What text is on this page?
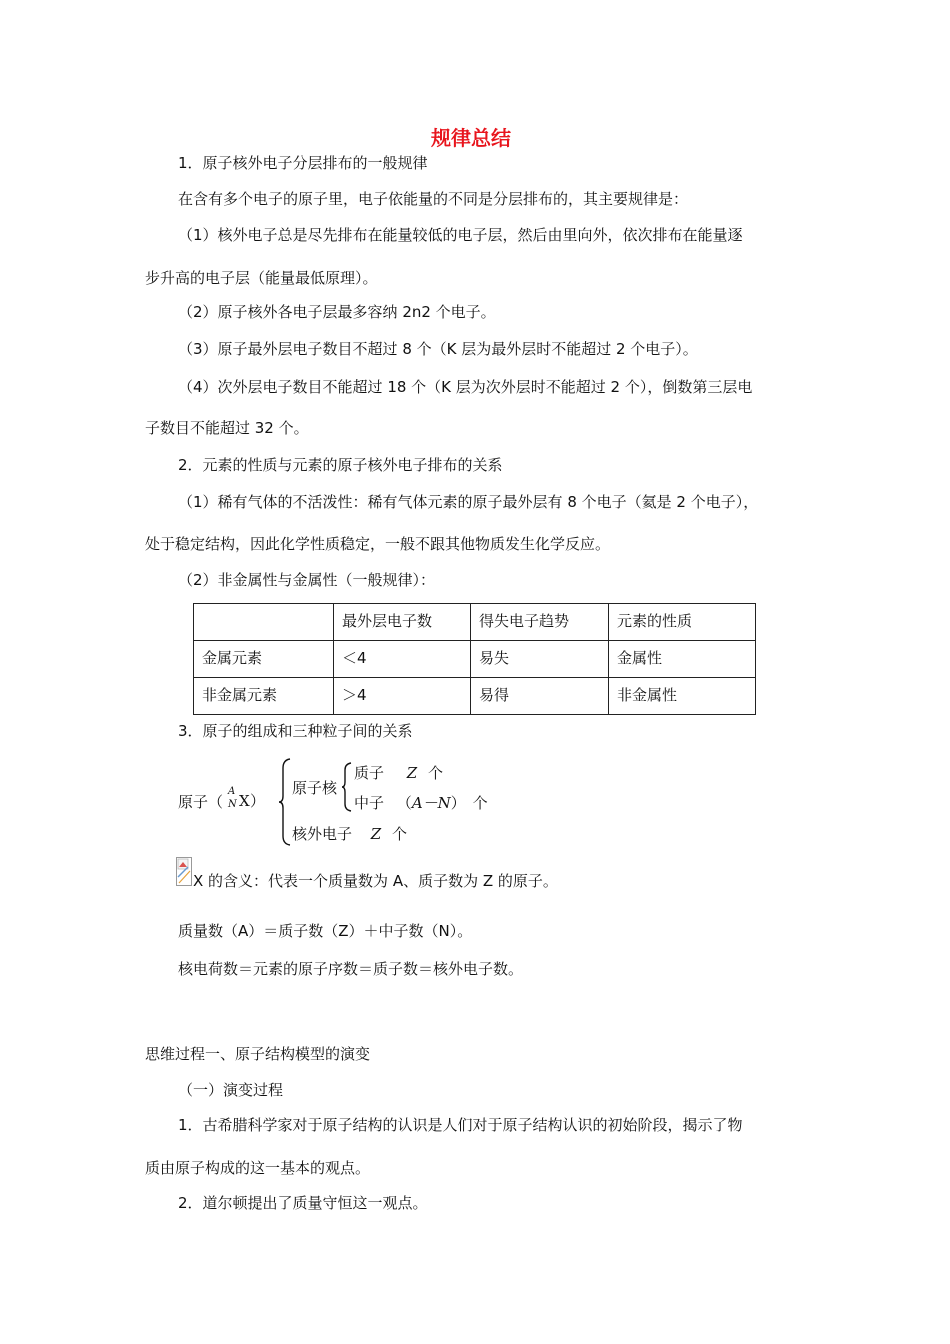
规律总结
1．原子核外电子分层排布的一般规律
在含有多个电子的原子里，电子依能量的不同是分层排布的，其主要规律是：
（1）核外电子总是尽先排布在能量较低的电子层，然后由里向外，依次排布在能量逐
步升高的电子层（能量最低原理）。
（2）原子核外各电子层最多容纳 2n2 个电子。
（3）原子最外层电子数目不超过 8 个（K 层为最外层时不能超过 2 个电子）。
（4）次外层电子数目不能超过 18 个（K 层为次外层时不能超过 2 个），倒数第三层电
子数目不能超过 32 个。
2．元素的性质与元素的原子核外电子排布的关系
（1）稀有气体的不活泼性：稀有气体元素的原子最外层有 8 个电子（氦是 2 个电子），
处于稳定结构，因此化学性质稳定，一般不跟其他物质发生化学反应。
（2）非金属性与金属性（一般规律）：
	最外层电子数	得失电子趋势	元素的性质
金属元素	＜4	易失	金属性
非金属元素	＞4	易得	非金属性
3．原子的组成和三种粒子间的关系
原子（
A
N X ）
原子核
质子 Z 个
中子 （A－N） 个
核外电子 Z 个
X 的含义：代表一个质量数为 A、质子数为 Z 的原子。
质量数（A）＝质子数（Z）＋中子数（N）。
核电荷数＝元素的原子序数＝质子数＝核外电子数。
思维过程一、原子结构模型的演变
（一）演变过程
1．古希腊科学家对于原子结构的认识是人们对于原子结构认识的初始阶段，揭示了物
质由原子构成的这一基本的观点。
2．道尔顿提出了质量守恒这一观点。
